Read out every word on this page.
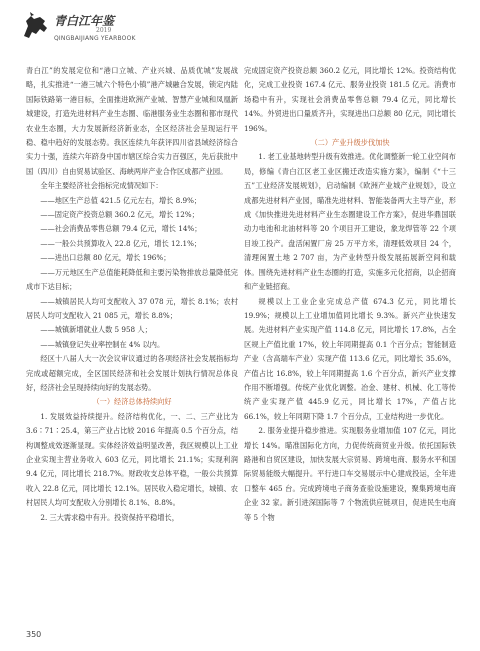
青白江年鉴
2019
QINGBAIJIANG YEARBOOK

青白江”的发展定位和“港口立城、产业兴城、品质优城”发展战略，扎实推进“一港三城六个特色小镇”港产城融合发展，锁定内陆国际铁路第一港目标，全面推进欧洲产业城、智慧产业城和凤凰新城建设，打造先进材料产业生态圈、临港服务业生态圈和都市现代农业生态圈，大力发展新经济新业态，全区经济社会呈现运行平稳、稳中趋好的发展态势。我区连续九年获评四川省县域经济综合实力十强，连续六年跻身中国市辖区综合实力百强区，先后获批中国（四川）自由贸易试验区、海峡两岸产业合作区成都产业园。

全年主要经济社会指标完成情况如下：

——地区生产总值 421.5 亿元左右，增长 8.9%；

——固定资产投资总额 360.2 亿元，增长 12%；

——社会消费品零售总额 79.4 亿元，增长 14%；

——一般公共预算收入 22.8 亿元，增长 12.1%；

——进出口总额 80 亿元，增长 196%；

——万元地区生产总值能耗降低和主要污染物排放总量降低完成市下达目标；

——城镇居民人均可支配收入 37 078 元，增长 8.1%；农村居民人均可支配收入 21 085 元，增长 8.8%；

——城镇新增就业人数 5 958 人；

——城镇登记失业率控制在 4% 以内。

经区十八届人大一次会议审议通过的各项经济社会发展指标均完成或超额完成，全区国民经济和社会发展计划执行情况总体良好，经济社会呈现持续向好的发展态势。

（一）经济总体持续向好

1. 发展效益持续提升。经济结构优化，一、二、三产业比为 3.6∶71∶25.4，第三产业占比较 2016 年提高 0.5 个百分点，结构调整成效逐渐显现。实体经济效益明显改善，我区规模以上工业企业实现主营业务收入 603 亿元，同比增长 21.1%；实现利润 9.4 亿元，同比增长 218.7%。财政收支总体平稳，一般公共预算收入 22.8 亿元，同比增长 12.1%。居民收入稳定增长，城镇、农村居民人均可支配收入分别增长 8.1%、8.8%。

2. 三大需求稳中有升。投资保持平稳增长，

完成固定资产投资总额 360.2 亿元，同比增长 12%。投资结构优化，完成工业投资 167.4 亿元、服务业投资 181.5 亿元。消费市场稳中有升，实现社会消费品零售总额 79.4 亿元，同比增长 14%。外贸进出口量质齐升，实现进出口总额 80 亿元，同比增长 196%。

（二）产业升级步伐加快

1. 老工业基地转型升级有效推进。优化调整新一轮工业空间布局，修编《青白江区老工业区搬迁改造实施方案》，编制《“十三五”工业经济发展规划》，启动编制《欧洲产业城产业规划》，设立成都先进材料产业园，瞄准先进材料、智能装备两大主导产业，形成《加快推进先进材料产业生态圈建设工作方案》，促进华鼎国联动力电池和北油材料等 20 个项目开工建设，象龙焊管等 22 个项目竣工投产。盘活闲置厂房 25 万平方米，清理低效项目 24 个，清理闲置土地 2 707 亩，为产业转型升级发展拓展新空间和载体。围绕先进材料产业生态圈的打造，实施多元化招商，以企招商和产业链招商。

规模以上工业企业完成总产值 674.3 亿元，同比增长 19.9%；规模以上工业增加值同比增长 9.3%。新兴产业快速发展。先进材料产业实现产值 114.8 亿元，同比增长 17.8%，占全区规上产值比重 17%，较上年同期提高 0.1 个百分点；智能制造产业（含高端车产业）实现产值 113.6 亿元，同比增长 35.6%，产值占比 16.8%，较上年同期提高 1.6 个百分点，新兴产业支撑作用不断增强。传统产业优化调整。冶金、建材、机械、化工等传统产业实现产值 445.9 亿元，同比增长 17%，产值占比 66.1%，较上年同期下降 1.7 个百分点，工业结构进一步优化。

2. 服务业提升稳步推进。实现服务业增加值 107 亿元，同比增长 14%。瞄准国际化方向，力促传统商贸业升级。依托国际铁路港和自贸区建设，加快发展大宗贸易、跨境电商、服务水平和国际贸易能级大幅提升。平行进口车交易展示中心建成投运，全年进口整车 465 台。完成跨境电子商务查验设施建设，聚集跨境电商企业 32 家。新引进深国际等 7 个物流供应链项目，促进民生电商等 5 个物

350
